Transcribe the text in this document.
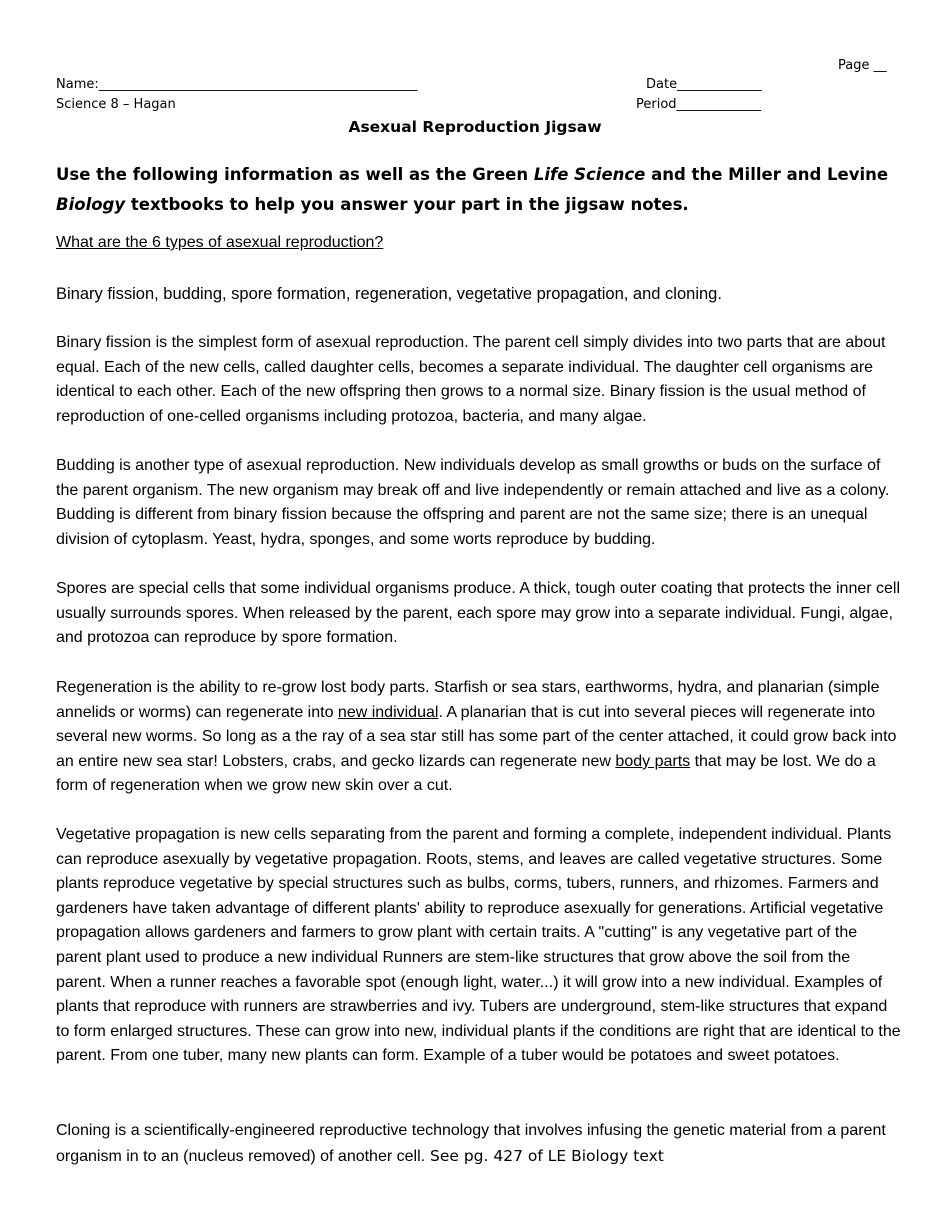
Page __
Name:_________________________________________________	Date_____________
Science 8 – Hagan	Period_____________
Asexual Reproduction Jigsaw
Use the following information as well as the Green Life Science and the Miller and Levine Biology textbooks to help you answer your part in the jigsaw notes.
What are the 6 types of asexual reproduction?
Binary fission, budding, spore formation, regeneration, vegetative propagation, and cloning.
Binary fission is the simplest form of asexual reproduction. The parent cell simply divides into two parts that are about equal. Each of the new cells, called daughter cells, becomes a separate individual. The daughter cell organisms are identical to each other. Each of the new offspring then grows to a normal size. Binary fission is the usual method of reproduction of one-celled organisms including protozoa, bacteria, and many algae.
Budding is another type of asexual reproduction. New individuals develop as small growths or buds on the surface of the parent organism. The new organism may break off and live independently or remain attached and live as a colony. Budding is different from binary fission because the offspring and parent are not the same size; there is an unequal division of cytoplasm. Yeast, hydra, sponges, and some worts reproduce by budding.
Spores are special cells that some individual organisms produce. A thick, tough outer coating that protects the inner cell usually surrounds spores. When released by the parent, each spore may grow into a separate individual. Fungi, algae, and protozoa can reproduce by spore formation.
Regeneration is the ability to re-grow lost body parts. Starfish or sea stars, earthworms, hydra, and planarian (simple annelids or worms) can regenerate into new individual. A planarian that is cut into several pieces will regenerate into several new worms. So long as a the ray of a sea star still has some part of the center attached, it could grow back into an entire new sea star! Lobsters, crabs, and gecko lizards can regenerate new body parts that may be lost. We do a form of regeneration when we grow new skin over a cut.
Vegetative propagation is new cells separating from the parent and forming a complete, independent individual. Plants can reproduce asexually by vegetative propagation. Roots, stems, and leaves are called vegetative structures. Some plants reproduce vegetative by special structures such as bulbs, corms, tubers, runners, and rhizomes. Farmers and gardeners have taken advantage of different plants' ability to reproduce asexually for generations. Artificial vegetative propagation allows gardeners and farmers to grow plant with certain traits. A "cutting" is any vegetative part of the parent plant used to produce a new individual Runners are stem-like structures that grow above the soil from the parent. When a runner reaches a favorable spot (enough light, water...) it will grow into a new individual. Examples of plants that reproduce with runners are strawberries and ivy. Tubers are underground, stem-like structures that expand to form enlarged structures. These can grow into new, individual plants if the conditions are right that are identical to the parent. From one tuber, many new plants can form. Example of a tuber would be potatoes and sweet potatoes.
Cloning is a scientifically-engineered reproductive technology that involves infusing the genetic material from a parent organism in to an (nucleus removed) of another cell. See pg. 427 of LE Biology text
